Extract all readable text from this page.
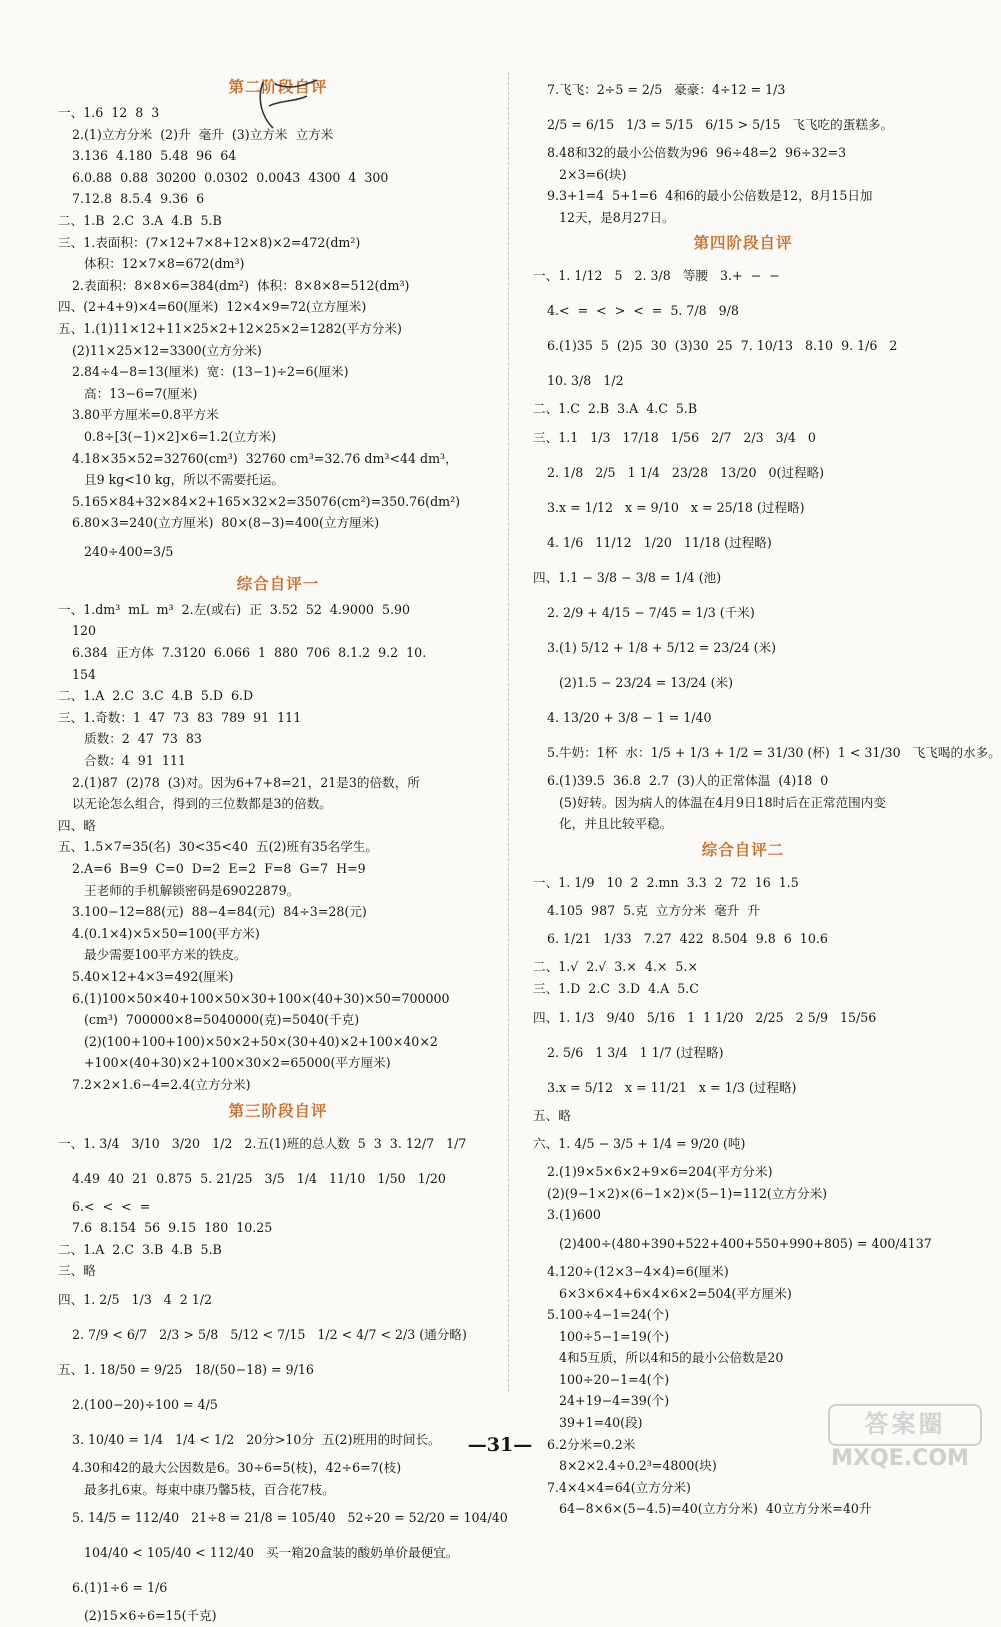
第二阶段自评
一、1.6  12  8  3
2.(1)立方分米  (2)升  毫升  (3)立方米  立方米
3.136  4.180  5.48  96  64
6.0.88  0.88  30200  0.0302  0.0043  4300  4  300
7.12.8  8.5.4  9.36  6
二、1.B  2.C  3.A  4.B  5.B
三、1.表面积：(7×12+7×8+12×8)×2=472(dm²)
体积：12×7×8=672(dm³)
2.表面积：8×8×6=384(dm²)  体积：8×8×8=512(dm³)
四、(2+4+9)×4=60(厘米)  12×4×9=72(立方厘米)
五、1.(1)11×12+11×25×2+12×25×2=1282(平方分米)
(2)11×25×12=3300(立方分米)
2.84÷4−8=13(厘米)  宽：(13−1)÷2=6(厘米)
高：13−6=7(厘米)
3.80平方厘米=0.8平方米
0.8÷[3(−1)×2]×6=1.2(立方米)
4.18×35×52=32760(cm³)  32760 cm³=32.76 dm³<44 dm³，
且9 kg<10 kg，所以不需要托运。
5.165×84+32×84×2+165×32×2=35076(cm²)=350.76(dm²)
6.80×3=240(立方厘米)  80×(8−3)=400(立方厘米)
240÷400=3/5
综合自评一
一、1.dm³  mL  m³  2.左(或右)  正  3.52  52  4.9000  5.90
120
6.384  正方体  7.3120  6.066  1  880  706  8.1.2  9.2  10.
154
二、1.A  2.C  3.C  4.B  5.D  6.D
三、1.奇数：1  47  73  83  789  91  111
质数：2  47  73  83
合数：4  91  111
2.(1)87  (2)78  (3)对。因为6+7+8=21，21是3的倍数，所
以无论怎么组合，得到的三位数都是3的倍数。
四、略
五、1.5×7=35(名)  30<35<40  五(2)班有35名学生。
2.A=6  B=9  C=0  D=2  E=2  F=8  G=7  H=9
王老师的手机解锁密码是69022879。
3.100−12=88(元)  88−4=84(元)  84÷3=28(元)
4.(0.1×4)×5×50=100(平方米)
最少需要100平方米的铁皮。
5.40×12+4×3=492(厘米)
6.(1)100×50×40+100×50×30+100×(40+30)×50=700000
(cm³)  700000×8=5040000(克)=5040(千克)
(2)(100+100+100)×50×2+50×(30+40)×2+100×40×2
+100×(40+30)×2+100×30×2=65000(平方厘米)
7.2×2×1.6−4=2.4(立方分米)
第三阶段自评
一、1. 3/4   3/10   3/20   1/2   2.五(1)班的总人数  5  3  3. 12/7   1/7
4.49  40  21  0.875  5. 21/25   3/5   1/4   11/10   1/50   1/20
6.<  <  <  =
7.6  8.154  56  9.15  180  10.25
二、1.A  2.C  3.B  4.B  5.B
三、略
四、1. 2/5   1/3   4  2 1/2
2. 7/9 < 6/7   2/3 > 5/8   5/12 < 7/15   1/2 < 4/7 < 2/3 (通分略)
五、1. 18/50 = 9/25   18/(50−18) = 9/16
2.(100−20)÷100 = 4/5
3. 10/40 = 1/4   1/4 < 1/2   20分>10分  五(2)班用的时间长。
4.30和42的最大公因数是6。30÷6=5(枝)，42÷6=7(枝)
最多扎6束。每束中康乃馨5枝，百合花7枝。
5. 14/5 = 112/40   21÷8 = 21/8 = 105/40   52÷20 = 52/20 = 104/40
104/40 < 105/40 < 112/40   买一箱20盒装的酸奶单价最便宜。
6.(1)1÷6 = 1/6
(2)15×6÷6=15(千克)
7.飞飞：2÷5 = 2/5   豪豪：4÷12 = 1/3
2/5 = 6/15   1/3 = 5/15   6/15 > 5/15   飞飞吃的蛋糕多。
8.48和32的最小公倍数为96  96÷48=2  96÷32=3
2×3=6(块)
9.3+1=4  5+1=6  4和6的最小公倍数是12，8月15日加
12天，是8月27日。
第四阶段自评
一、1. 1/12   5   2. 3/8   等腰   3.+  −  −
4.<  =  <  >  <  =  5. 7/8   9/8
6.(1)35  5  (2)5  30  (3)30  25  7. 10/13   8.10  9. 1/6   2
10. 3/8   1/2
二、1.C  2.B  3.A  4.C  5.B
三、1.1   1/3   17/18   1/56   2/7   2/3   3/4   0
2. 1/8   2/5   1 1/4   23/28   13/20   0(过程略)
3.x = 1/12   x = 9/10   x = 25/18 (过程略)
4. 1/6   11/12   1/20   11/18 (过程略)
四、1.1 − 3/8 − 3/8 = 1/4 (池)
2. 2/9 + 4/15 − 7/45 = 1/3 (千米)
3.(1) 5/12 + 1/8 + 5/12 = 23/24 (米)
(2)1.5 − 23/24 = 13/24 (米)
4. 13/20 + 3/8 − 1 = 1/40
5.牛奶：1杯  水：1/5 + 1/3 + 1/2 = 31/30 (杯)  1 < 31/30   飞飞喝的水多。
6.(1)39.5  36.8  2.7  (3)人的正常体温  (4)18  0
(5)好转。因为病人的体温在4月9日18时后在正常范围内变
化，并且比较平稳。
综合自评二
一、1. 1/9   10  2  2.mn  3.3  2  72  16  1.5
4.105  987  5.克  立方分米  毫升  升
6. 1/21   1/33   7.27  422  8.504  9.8  6  10.6
二、1.√  2.√  3.×  4.×  5.×
三、1.D  2.C  3.D  4.A  5.C
四、1. 1/3   9/40   5/16   1  1 1/20   2/25   2 5/9   15/56
2. 5/6   1 3/4   1 1/7 (过程略)
3.x = 5/12   x = 11/21   x = 1/3 (过程略)
五、略
六、1. 4/5 − 3/5 + 1/4 = 9/20 (吨)
2.(1)9×5×6×2+9×6=204(平方分米)
(2)(9−1×2)×(6−1×2)×(5−1)=112(立方分米)
3.(1)600
(2)400÷(480+390+522+400+550+990+805) = 400/4137
4.120÷(12×3−4×4)=6(厘米)
6×3×6×4+6×4×6×2=504(平方厘米)
5.100÷4−1=24(个)
100÷5−1=19(个)
4和5互质，所以4和5的最小公倍数是20
100÷20−1=4(个)
24+19−4=39(个)
39+1=40(段)
6.2分米=0.2米
8×2×2.4÷0.2³=4800(块)
7.4×4×4=64(立方分米)
64−8×6×(5−4.5)=40(立方分米)  40立方分米=40升
—31—
答案圈
MXQE.COM
